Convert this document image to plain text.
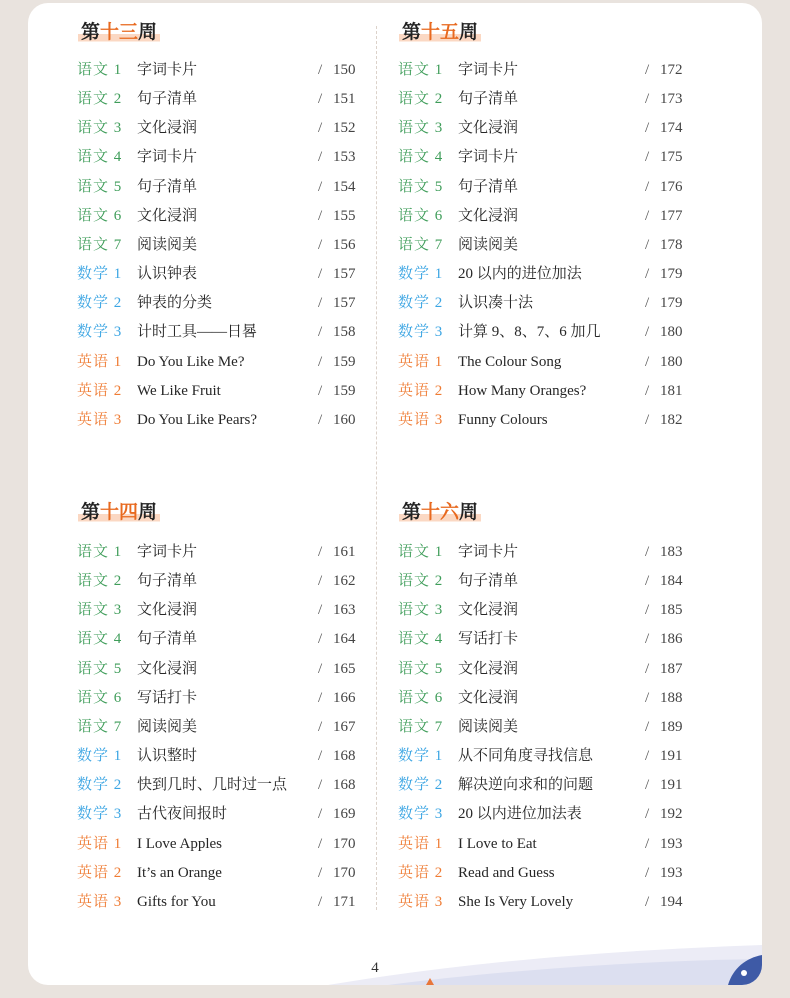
第十三周
语文 1 字词卡片	/ 150
语文 2 句子清单	/ 151
语文 3 文化浸润	/ 152
语文 4 字词卡片	/ 153
语文 5 句子清单	/ 154
语文 6 文化浸润	/ 155
语文 7 阅读阅美	/ 156
数学 1 认识钟表	/ 157
数学 2 钟表的分类	/ 157
数学 3 计时工具——日晷	/ 158
英语 1 Do You Like Me?	/ 159
英语 2 We Like Fruit	/ 159
英语 3 Do You Like Pears?	/ 160
第十四周
语文 1 字词卡片	/ 161
语文 2 句子清单	/ 162
语文 3 文化浸润	/ 163
语文 4 句子清单	/ 164
语文 5 文化浸润	/ 165
语文 6 写话打卡	/ 166
语文 7 阅读阅美	/ 167
数学 1 认识整时	/ 168
数学 2 快到几时、几时过一点 / 168
数学 3 古代夜间报时	/ 169
英语 1 I Love Apples	/ 170
英语 2 It’s an Orange	/ 170
英语 3 Gifts for You	/ 171
第十五周
语文 1 字词卡片	/ 172
语文 2 句子清单	/ 173
语文 3 文化浸润	/ 174
语文 4 字词卡片	/ 175
语文 5 句子清单	/ 176
语文 6 文化浸润	/ 177
语文 7 阅读阅美	/ 178
数学 1 20 以内的进位加法	/ 179
数学 2 认识凑十法	/ 179
数学 3 计算 9、8、7、6 加几	/ 180
英语 1 The Colour Song	/ 180
英语 2 How Many Oranges?	/ 181
英语 3 Funny Colours	/ 182
第十六周
语文 1 字词卡片	/ 183
语文 2 句子清单	/ 184
语文 3 文化浸润	/ 185
语文 4 写话打卡	/ 186
语文 5 文化浸润	/ 187
语文 6 文化浸润	/ 188
语文 7 阅读阅美	/ 189
数学 1 从不同角度寻找信息	/ 191
数学 2 解决逆向求和的问题	/ 191
数学 3 20 以内进位加法表	/ 192
英语 1 I Love to Eat	/ 193
英语 2 Read and Guess	/ 193
英语 3 She Is Very Lovely	/ 194
4
